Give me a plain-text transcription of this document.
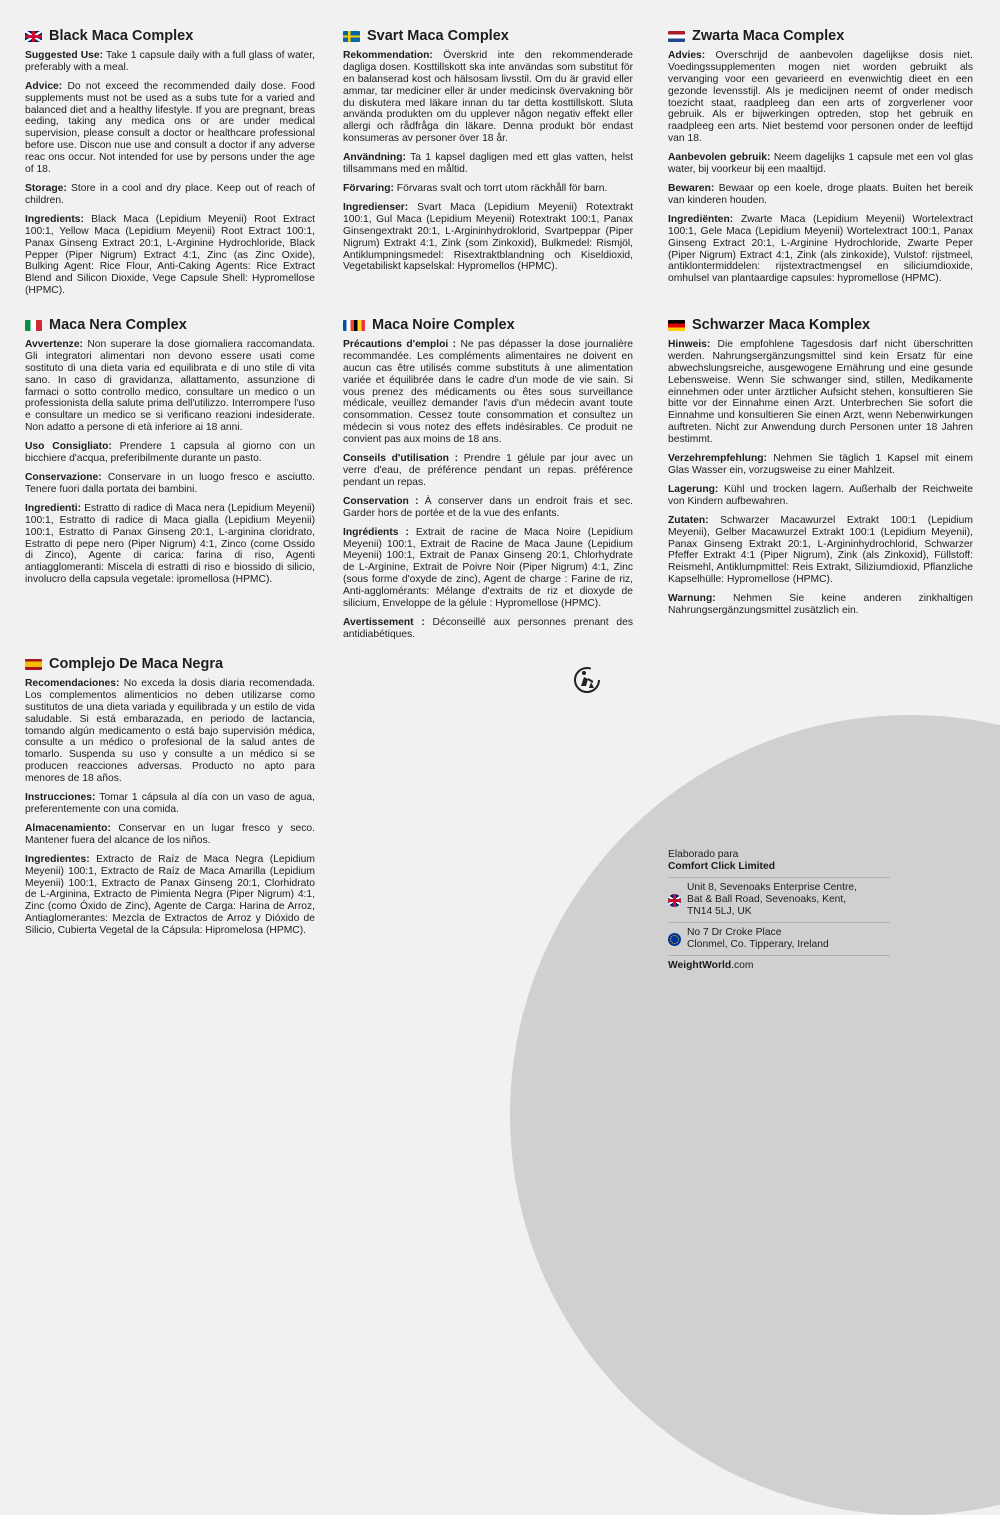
Black Maca Complex

Suggested Use: Take 1 capsule daily with a full glass of water, preferably with a meal.

Advice: Do not exceed the recommended daily dose. Food supplements must not be used as a subs tute for a varied and balanced diet and a healthy lifestyle. If you are pregnant, breas eeding, taking any medica ons or are under medical supervision, please consult a doctor or healthcare professional before use. Discon nue use and consult a doctor if any adverse reac ons occur. Not intended for use by persons under the age of 18.

Storage: Store in a cool and dry place. Keep out of reach of children.

Ingredients: Black Maca (Lepidium Meyenii) Root Extract 100:1, Yellow Maca (Lepidium Meyenii) Root Extract 100:1, Panax Ginseng Extract 20:1, L-Arginine Hydrochloride, Black Pepper (Piper Nigrum) Extract 4:1, Zinc (as Zinc Oxide), Bulking Agent: Rice Flour, Anti-Caking Agents: Rice Extract Blend and Silicon Dioxide, Vege Capsule Shell: Hypromellose (HPMC).

Maca Nera Complex

Avvertenze: Non superare la dose giornaliera raccomandata. Gli integratori alimentari non devono essere usati come sostituto di una dieta varia ed equilibrata e di uno stile di vita sano. In caso di gravidanza, allattamento, assunzione di farmaci o sotto controllo medico, consultare un medico o un professionista della salute prima dell'utilizzo. Interrompere l'uso e consultare un medico se si verificano reazioni indesiderate. Non adatto a persone di età inferiore ai 18 anni.

Uso Consigliato: Prendere 1 capsula al giorno con un bicchiere d'acqua, preferibilmente durante un pasto.

Conservazione: Conservare in un luogo fresco e asciutto. Tenere fuori dalla portata dei bambini.

Ingredienti: Estratto di radice di Maca nera (Lepidium Meyenii) 100:1, Estratto di radice di Maca gialla (Lepidium Meyenii) 100:1, Estratto di Panax Ginseng 20:1, L-arginina cloridrato, Estratto di pepe nero (Piper Nigrum) 4:1, Zinco (come Ossido di Zinco), Agente di carica: farina di riso, Agenti antiagglomeranti: Miscela di estratti di riso e biossido di silicio, involucro della capsula vegetale: ipromellosa (HPMC).

Complejo De Maca Negra

Recomendaciones: No exceda la dosis diaria recomendada. Los complementos alimenticios no deben utilizarse como sustitutos de una dieta variada y equilibrada y un estilo de vida saludable. Si está embarazada, en periodo de lactancia, tomando algún medicamento o está bajo supervisión médica, consulte a un médico o profesional de la salud antes de tomarlo. Suspenda su uso y consulte a un médico si se producen reacciones adversas. Producto no apto para menores de 18 años.

Instrucciones: Tomar 1 cápsula al día con un vaso de agua, preferentemente con una comida.

Almacenamiento: Conservar en un lugar fresco y seco. Mantener fuera del alcance de los niños.

Ingredientes: Extracto de Raíz de Maca Negra (Lepidium Meyenii) 100:1, Extracto de Raíz de Maca Amarilla (Lepidium Meyenii) 100:1, Extracto de Panax Ginseng 20:1, Clorhidrato de L-Arginina, Extracto de Pimienta Negra (Piper Nigrum) 4:1, Zinc (como Óxido de Zinc), Agente de Carga: Harina de Arroz, Antiaglomerantes: Mezcla de Extractos de Arroz y Dióxido de Silicio, Cubierta Vegetal de la Cápsula: Hipromelosa (HPMC).

Svart Maca Complex

Rekommendation: Överskrid inte den rekommenderade dagliga dosen. Kosttillskott ska inte användas som substitut för en balanserad kost och hälsosam livsstil. Om du är gravid eller ammar, tar mediciner eller är under medicinsk övervakning bör du diskutera med läkare innan du tar detta kosttillskott. Sluta använda produkten om du upplever någon negativ effekt eller allergi och rådfråga din läkare. Denna produkt bör endast konsumeras av personer över 18 år.

Användning: Ta 1 kapsel dagligen med ett glas vatten, helst tillsammans med en måltid.

Förvaring: Förvaras svalt och torrt utom räckhåll för barn.

Ingredienser: Svart Maca (Lepidium Meyenii) Rotextrakt 100:1, Gul Maca (Lepidium Meyenii) Rotextrakt 100:1, Panax Ginsengextrakt 20:1, L-Argininhydroklorid, Svartpeppar (Piper Nigrum) Extrakt 4:1, Zink (som Zinkoxid), Bulkmedel: Rismjöl, Antiklumpningsmedel: Risextraktblandning och Kiseldioxid, Vegetabiliskt kapselskal: Hypromellos (HPMC).

Maca Noire Complex

Précautions d'emploi : Ne pas dépasser la dose journalière recommandée. Les compléments alimentaires ne doivent en aucun cas être utilisés comme substituts à une alimentation variée et équilibrée dans le cadre d'un mode de vie sain. Si vous prenez des médicaments ou êtes sous surveillance médicale, veuillez demander l'avis d'un médecin avant toute consommation. Cessez toute consommation et consultez un médecin si vous notez des effets indésirables. Ce produit ne convient pas aux moins de 18 ans.

Conseils d'utilisation : Prendre 1 gélule par jour avec un verre d'eau, de préférence pendant un repas. préférence pendant un repas.

Conservation : À conserver dans un endroit frais et sec. Garder hors de portée et de la vue des enfants.

Ingrédients : Extrait de racine de Maca Noire (Lepidium Meyenii) 100:1, Extrait de Racine de Maca Jaune (Lepidium Meyenii) 100:1, Extrait de Panax Ginseng 20:1, Chlorhydrate de L-Arginine, Extrait de Poivre Noir (Piper Nigrum) 4:1, Zinc (sous forme d'oxyde de zinc), Agent de charge : Farine de riz, Anti-agglomérants: Mélange d'extraits de riz et dioxyde de silicium, Enveloppe de la gélule : Hypromellose (HPMC).

Avertissement : Déconseillé aux personnes prenant des antidiabétiques.

Zwarta Maca Complex

Advies: Overschrijd de aanbevolen dagelijkse dosis niet. Voedingssupplementen mogen niet worden gebruikt als vervanging voor een gevarieerd en evenwichtig dieet en een gezonde levensstijl. Als je medicijnen neemt of onder medisch toezicht staat, raadpleeg dan een arts of zorgverlener voor gebruik. Als er bijwerkingen optreden, stop het gebruik en raadpleeg een arts. Niet bestemd voor personen onder de leeftijd van 18.

Aanbevolen gebruik: Neem dagelijks 1 capsule met een vol glas water, bij voorkeur bij een maaltijd.

Bewaren: Bewaar op een koele, droge plaats. Buiten het bereik van kinderen houden.

Ingrediënten: Zwarte Maca (Lepidium Meyenii) Wortelextract 100:1, Gele Maca (Lepidium Meyenii) Wortelextract 100:1, Panax Ginseng Extract 20:1, L-Arginine Hydrochloride, Zwarte Peper (Piper Nigrum) Extract 4:1, Zink (als zinkoxide), Vulstof: rijstmeel, antiklontermiddelen: rijstextractmengsel en siliciumdioxide, omhulsel van plantaardige capsules: hypromellose (HPMC).

Schwarzer Maca Komplex

Hinweis: Die empfohlene Tagesdosis darf nicht überschritten werden. Nahrungsergänzungsmittel sind kein Ersatz für eine abwechslungsreiche, ausgewogene Ernährung und eine gesunde Lebensweise. Wenn Sie schwanger sind, stillen, Medikamente einnehmen oder unter ärztlicher Aufsicht stehen, konsultieren Sie bitte vor der Einnahme einen Arzt. Unterbrechen Sie sofort die Einnahme und konsultieren Sie einen Arzt, wenn Nebenwirkungen auftreten. Nicht zur Anwendung durch Personen unter 18 Jahren bestimmt.

Verzehrempfehlung: Nehmen Sie täglich 1 Kapsel mit einem Glas Wasser ein, vorzugsweise zu einer Mahlzeit.

Lagerung: Kühl und trocken lagern. Außerhalb der Reichweite von Kindern aufbewahren.

Zutaten: Schwarzer Macawurzel Extrakt 100:1 (Lepidium Meyenii), Gelber Macawurzel Extrakt 100:1 (Lepidium Meyenii), Panax Ginseng Extrakt 20:1, L-Argininhydrochlorid, Schwarzer Pfeffer Extrakt 4:1 (Piper Nigrum), Zink (als Zinkoxid), Füllstoff: Reismehl, Antiklumpmittel: Reis Extrakt, Siliziumdioxid, Pflanzliche Kapselhülle: Hypromellose (HPMC).

Warnung: Nehmen Sie keine anderen zinkhaltigen Nahrungsergänzungsmittel zusätzlich ein.

Elaborado para
Comfort Click Limited
Unit 8, Sevenoaks Enterprise Centre,
Bat & Ball Road, Sevenoaks, Kent,
TN14 5LJ, UK
No 7 Dr Croke Place
Clonmel, Co. Tipperary, Ireland
WeightWorld.com
